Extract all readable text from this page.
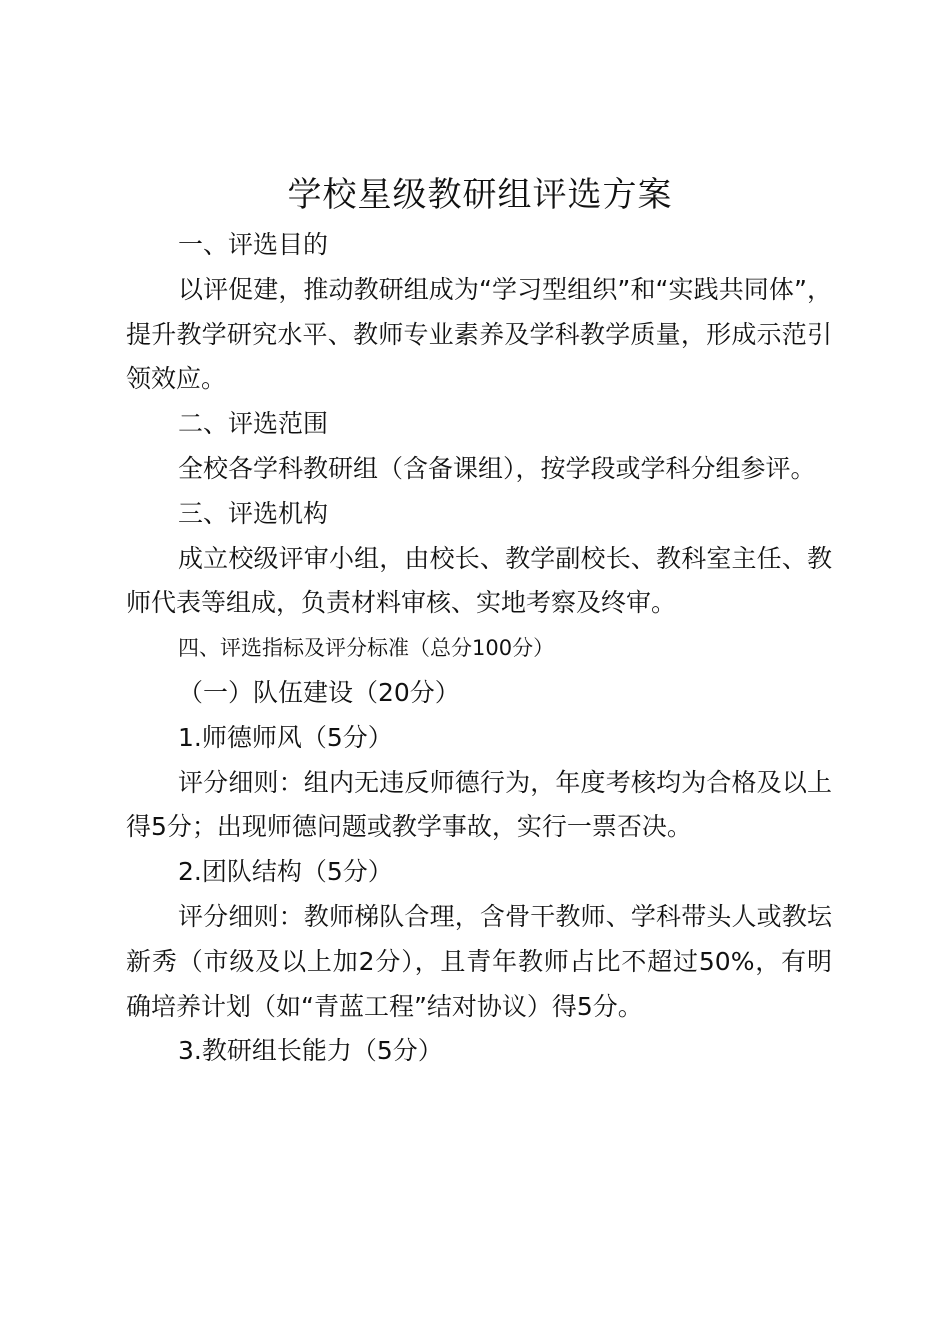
学校星级教研组评选方案

一、评选目的

以评促建，推动教研组成为“学习型组织”和“实践共同体”，提升教学研究水平、教师专业素养及学科教学质量，形成示范引领效应。

二、评选范围

全校各学科教研组（含备课组），按学段或学科分组参评。

三、评选机构

成立校级评审小组，由校长、教学副校长、教科室主任、教师代表等组成，负责材料审核、实地考察及终审。

四、评选指标及评分标准（总分100分）

（一）队伍建设（20分）

1.师德师风（5分）

评分细则：组内无违反师德行为，年度考核均为合格及以上得5分；出现师德问题或教学事故，实行一票否决。

2.团队结构（5分）

评分细则：教师梯队合理，含骨干教师、学科带头人或教坛新秀（市级及以上加2分），且青年教师占比不超过50%，有明确培养计划（如“青蓝工程”结对协议）得5分。

3.教研组长能力（5分）
